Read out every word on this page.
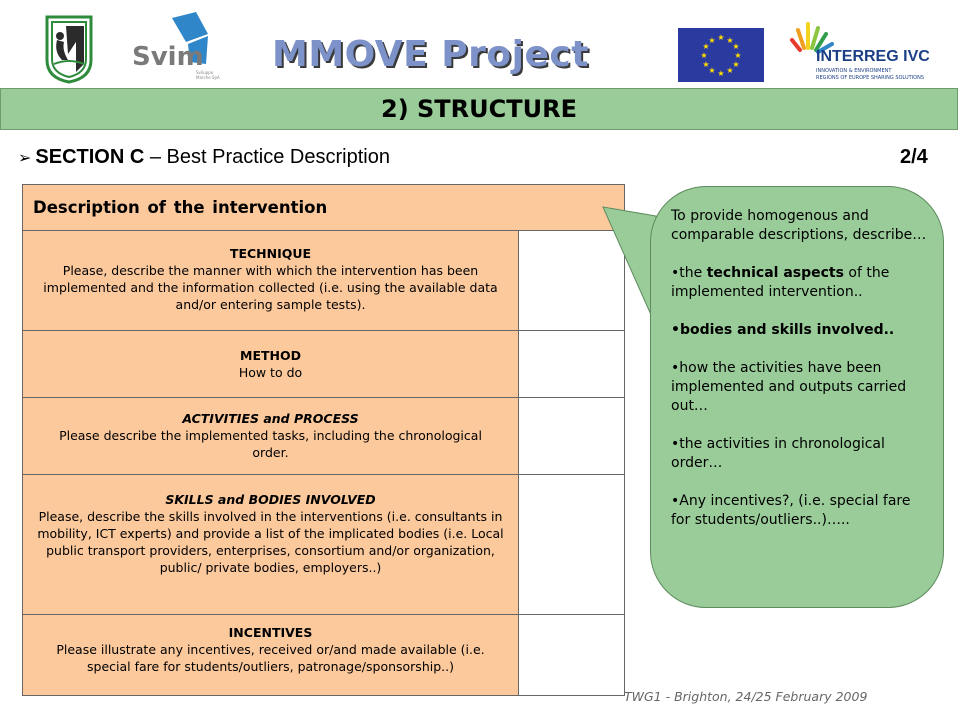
Svim
Sviluppo Marche SpA
MMOVE Project	★ ★
★
★
★
★
★
★
★
★
★
★
INTERREG IVC
INNOVATION & ENVIRONMENT
REGIONS OF EUROPE SHARING SOLUTIONS
2) STRUCTURE
➢ SECTION C – Best Practice Description	2/4
Description of the intervention
TECHNIQUE
Please, describe the manner with which the intervention has been implemented and the information collected (i.e. using the available data and/or entering sample tests).
METHOD
How to do
ACTIVITIES and PROCESS
Please describe the implemented tasks, including the chronological order.
SKILLS and BODIES INVOLVED
Please, describe the skills involved in the interventions (i.e. consultants in mobility, ICT experts) and provide a list of the implicated bodies (i.e. Local public transport providers, enterprises, consortium and/or organization, public/ private bodies, employers..)
INCENTIVES
Please illustrate any incentives, received or/and made available (i.e. special fare for students/outliers, patronage/sponsorship..)

To provide homogenous and comparable descriptions, describe…

•the technical aspects of the implemented intervention..

•bodies and skills involved..

•how the activities have been implemented and outputs carried out…

•the activities in chronological order…

•Any incentives?, (i.e. special fare for students/outliers..)…..

TWG1 - Brighton, 24/25 February 2009
